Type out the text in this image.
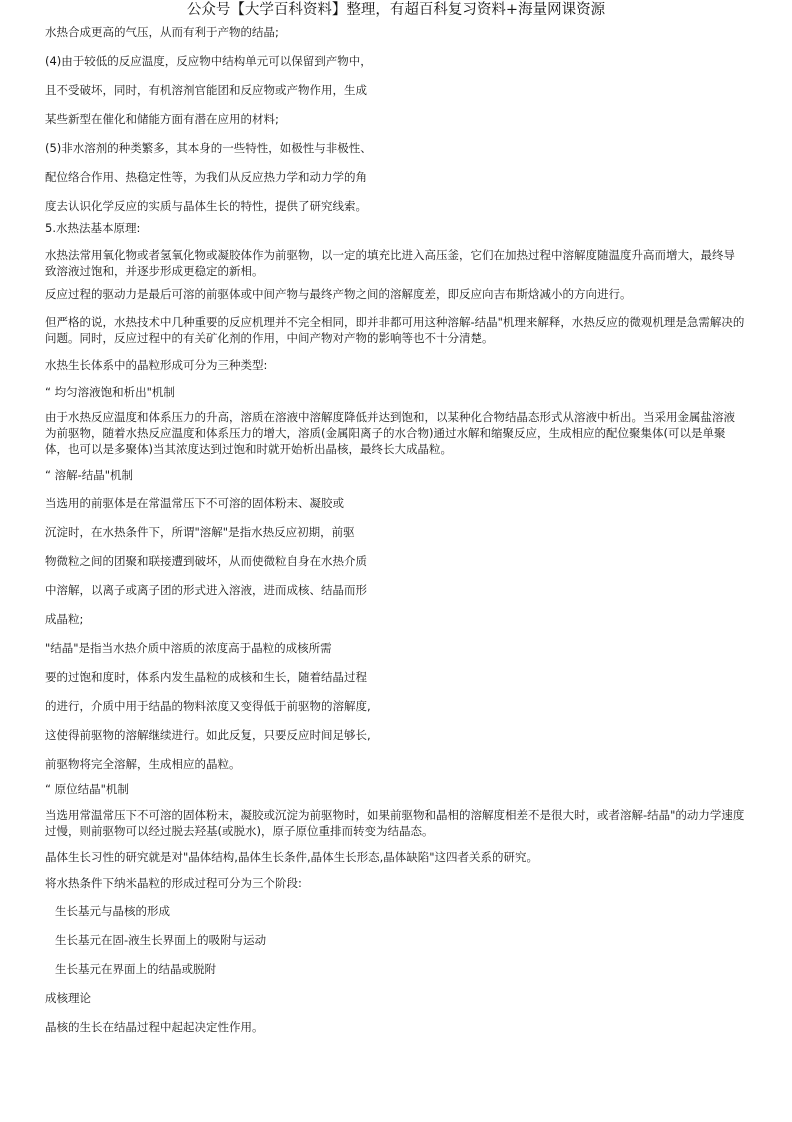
公众号【大学百科资料】整理，有超百科复习资料+海量网课资源

水热合成更高的气压，从而有利于产物的结晶;

(4)由于较低的反应温度，反应物中结构单元可以保留到产物中，

且不受破坏，同时，有机溶剂官能团和反应物或产物作用，生成

某些新型在催化和储能方面有潜在应用的材料;

(5)非水溶剂的种类繁多，其本身的一些特性，如极性与非极性、

配位络合作用、热稳定性等，为我们从反应热力学和动力学的角

度去认识化学反应的实质与晶体生长的特性，提供了研究线索。

5.水热法基本原理:

水热法常用氧化物或者氢氧化物或凝胶体作为前驱物，以一定的填充比进入高压釜，它们在加热过程中溶解度随温度升高而增大，最终导致溶液过饱和，并逐步形成更稳定的新相。

反应过程的驱动力是最后可溶的前驱体或中间产物与最终产物之间的溶解度差，即反应向吉布斯焓减小的方向进行。

但严格的说，水热技术中几种重要的反应机理并不完全相同，即并非都可用这种溶解-结晶"机理来解释，水热反应的微观机理是急需解决的问题。同时，反应过程中的有关矿化剂的作用，中间产物对产物的影响等也不十分清楚。

水热生长体系中的晶粒形成可分为三种类型:

“ 均匀溶液饱和析出"机制

由于水热反应温度和体系压力的升高，溶质在溶液中溶解度降低并达到饱和，以某种化合物结晶态形式从溶液中析出。当采用金属盐溶液为前驱物，随着水热反应温度和体系压力的增大，溶质(金属阳离子的水合物)通过水解和缩聚反应，生成相应的配位聚集体(可以是单聚体，也可以是多聚体)当其浓度达到过饱和时就开始析出晶核，最终长大成晶粒。

“ 溶解-结晶"机制

当选用的前驱体是在常温常压下不可溶的固体粉末、凝胶或

沉淀时，在水热条件下，所谓"溶解"是指水热反应初期，前驱

物微粒之间的团聚和联接遭到破坏，从而使微粒自身在水热介质

中溶解，以离子或离子团的形式进入溶液，进而成核、结晶而形

成晶粒;

"结晶"是指当水热介质中溶质的浓度高于晶粒的成核所需

要的过饱和度时，体系内发生晶粒的成核和生长，随着结晶过程

的进行，介质中用于结晶的物料浓度又变得低于前驱物的溶解度,

这使得前驱物的溶解继续进行。如此反复，只要反应时间足够长,

前驱物将完全溶解，生成相应的晶粒。

“ 原位结晶"机制

当选用常温常压下不可溶的固体粉末，凝胶或沉淀为前驱物时，如果前驱物和晶相的溶解度相差不是很大时，或者溶解-结晶"的动力学速度过慢，则前驱物可以经过脱去羟基(或脱水)，原子原位重排而转变为结晶态。

晶体生长习性的研究就是对"晶体结构,晶体生长条件,晶体生长形态,晶体缺陷"这四者关系的研究。

将水热条件下纳米晶粒的形成过程可分为三个阶段:

生长基元与晶核的形成

生长基元在固-液生长界面上的吸附与运动

生长基元在界面上的结晶或脱附

成核理论

晶核的生长在结晶过程中起起决定性作用。
